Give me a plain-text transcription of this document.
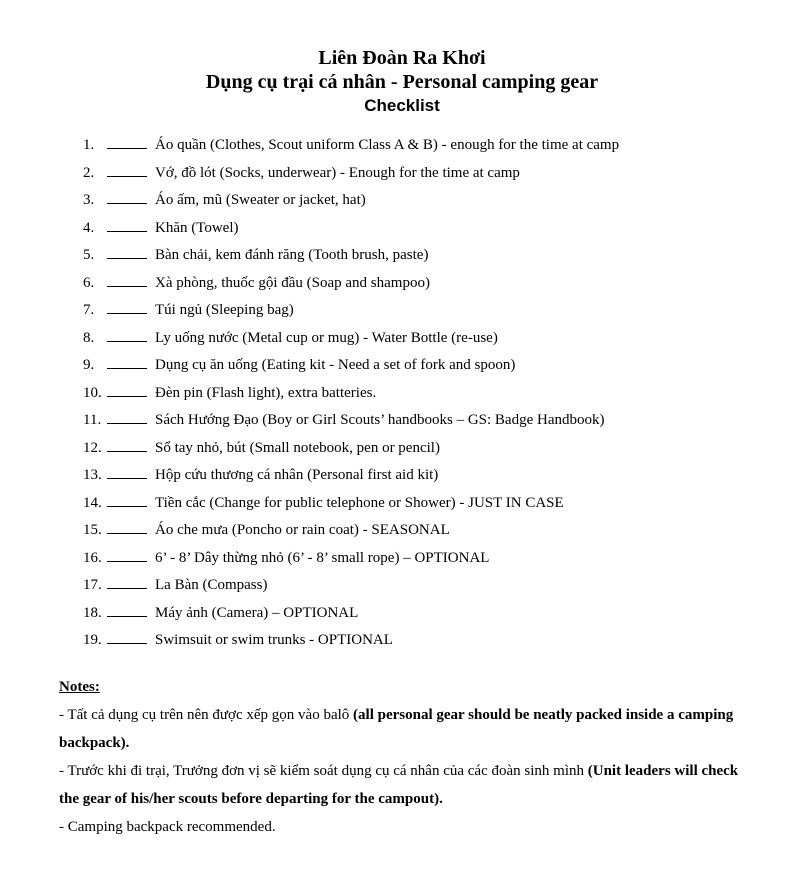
Liên Đoàn Ra Khơi
Dụng cụ trại cá nhân - Personal camping gear
Checklist
1.	Áo quần (Clothes, Scout uniform Class A & B) - enough for the time at camp
2.	Vớ, đồ lót (Socks, underwear) - Enough for the time at camp
3.	Áo ấm, mũ (Sweater or jacket, hat)
4.	Khăn (Towel)
5.	Bàn chải, kem đánh răng (Tooth brush, paste)
6.	Xà phòng, thuốc gội đầu (Soap and shampoo)
7.	Túi ngủ (Sleeping bag)
8.	Ly uống nước (Metal cup or mug) - Water Bottle (re-use)
9.	Dụng cụ ăn uống (Eating kit - Need a set of fork and spoon)
10.	Đèn pin (Flash light), extra batteries.
11.	Sách Hướng Đạo (Boy or Girl Scouts’ handbooks – GS: Badge Handbook)
12.	Sổ tay nhỏ, bút (Small notebook, pen or pencil)
13.	Hộp cứu thương cá nhân (Personal first aid kit)
14.	Tiền cắc (Change for public telephone or Shower) - JUST IN CASE
15.	Áo che mưa (Poncho or rain coat) - SEASONAL
16.	6’ - 8’ Dây thừng nhỏ (6’ - 8’ small rope) – OPTIONAL
17.	La Bàn (Compass)
18.	Máy ảnh (Camera) – OPTIONAL
19.	Swimsuit or swim trunks - OPTIONAL
Notes:
- Tất cả dụng cụ trên nên được xếp gọn vào balô (all personal gear should be neatly packed inside a camping backpack).
- Trước khi đi trại, Trưởng đơn vị sẽ kiểm soát dụng cụ cá nhân của các đoàn sinh mình (Unit leaders will check the gear of his/her scouts before departing for the campout).
- Camping backpack recommended.
